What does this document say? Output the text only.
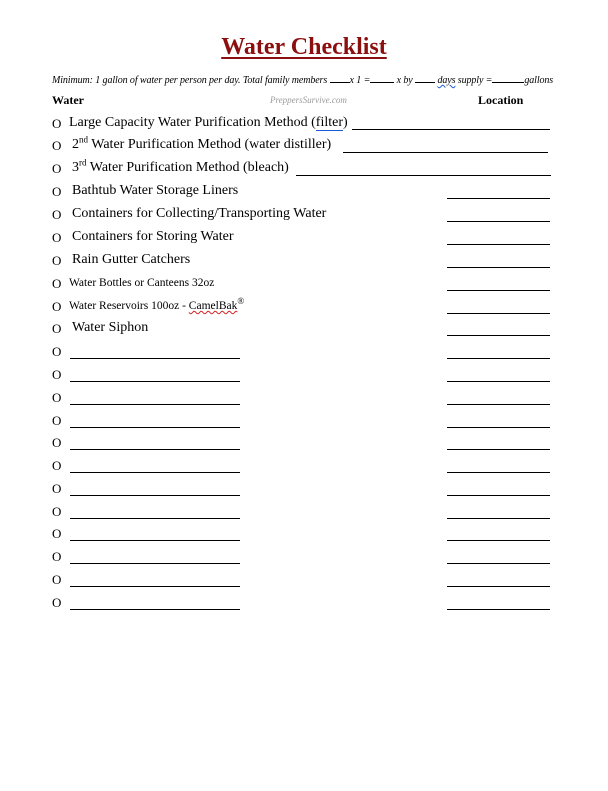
Water Checklist
Minimum: 1 gallon of water per person per day. Total family members x 1 =	x by  days supply =	gallons
Water	PreppersSurvive.com	Location
O Large Capacity Water Purification Method (filter)
O 2nd Water Purification Method (water distiller)
O 3rd Water Purification Method (bleach)
O Bathtub Water Storage Liners
O Containers for Collecting/Transporting Water
O Containers for Storing Water
O Rain Gutter Catchers
O Water Bottles or Canteens 32oz
O Water Reservoirs 100oz - CamelBak®
O Water Siphon
O
O
O
O
O
O
O
O
O
O
O
O
